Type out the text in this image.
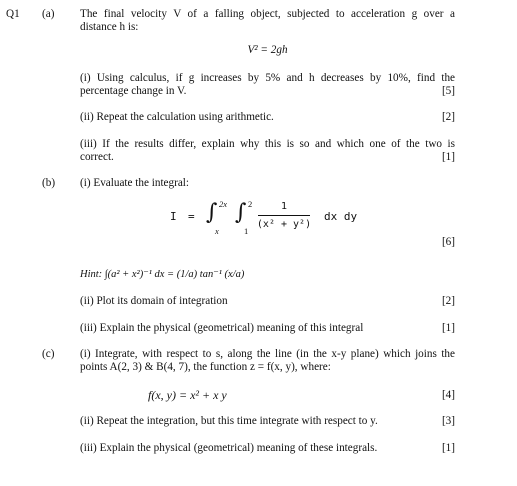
Q1 (a) The final velocity V of a falling object, subjected to acceleration g over a
distance h is:
V² = 2gh
(i) Using calculus, if g increases by 5% and h decreases by 10%, find the
percentage change in V.	[5]
(ii) Repeat the calculation using arithmetic.	[2]
(iii) If the results differ, explain why this is so and which one of the two is
correct.	[1]
(b) (i) Evaluate the integral:
I = ∫ 2x
x
∫ 2
1
1
(x² + y²)
dx dy
[6]
Hint: ∫(a² + x²)⁻¹ dx = (1/a) tan⁻¹ (x/a)
(ii) Plot its domain of integration	[2]
(iii) Explain the physical (geometrical) meaning of this integral	[1]
(c) (i) Integrate, with respect to s, along the line (in the x-y plane) which joins the
points A(2, 3) & B(4, 7), the function z = f(x, y), where:
f(x, y) = x² + x y	[4]
(ii) Repeat the integration, but this time integrate with respect to y.	[3]
(iii) Explain the physical (geometrical) meaning of these integrals.	[1]
